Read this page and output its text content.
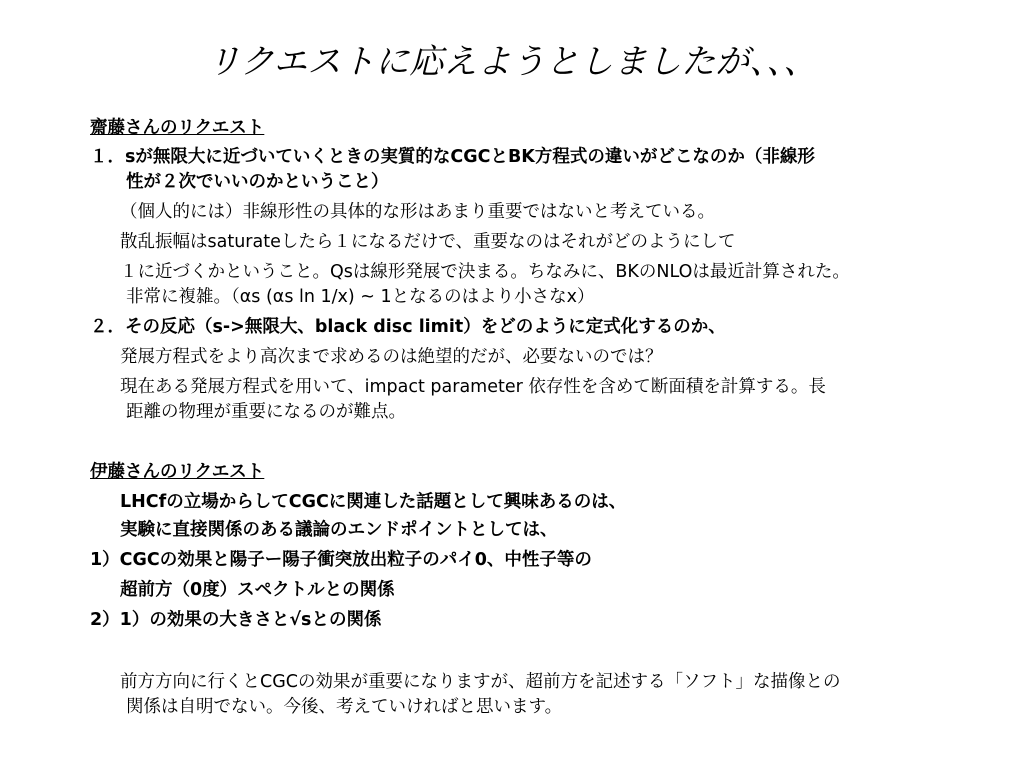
リクエストに応えようとしましたが、、、
齋藤さんのリクエスト
１．sが無限大に近づいていくときの実質的なCGCとBK方程式の違いがどこなのか（非線形
性が２次でいいのかということ）
（個人的には）非線形性の具体的な形はあまり重要ではないと考えている。
散乱振幅はsaturateしたら１になるだけで、重要なのはそれがどのようにして
１に近づくかということ。Qsは線形発展で決まる。ちなみに、BKのNLOは最近計算された。
非常に複雑。（αs (αs ln 1/x) ~ 1となるのはより小さなx）
２．その反応（s->無限大、black disc limit）をどのように定式化するのか、
発展方程式をより高次まで求めるのは絶望的だが、必要ないのでは？
現在ある発展方程式を用いて、impact parameter 依存性を含めて断面積を計算する。長
距離の物理が重要になるのが難点。
伊藤さんのリクエスト
LHCfの立場からしてCGCに関連した話題として興味あるのは、
実験に直接関係のある議論のエンドポイントとしては、
1）CGCの効果と陽子ー陽子衝突放出粒子のパイ0、中性子等の
超前方（0度）スペクトルとの関係
2）1）の効果の大きさと√sとの関係
前方方向に行くとCGCの効果が重要になりますが、超前方を記述する「ソフト」な描像との
関係は自明でない。今後、考えていければと思います。
